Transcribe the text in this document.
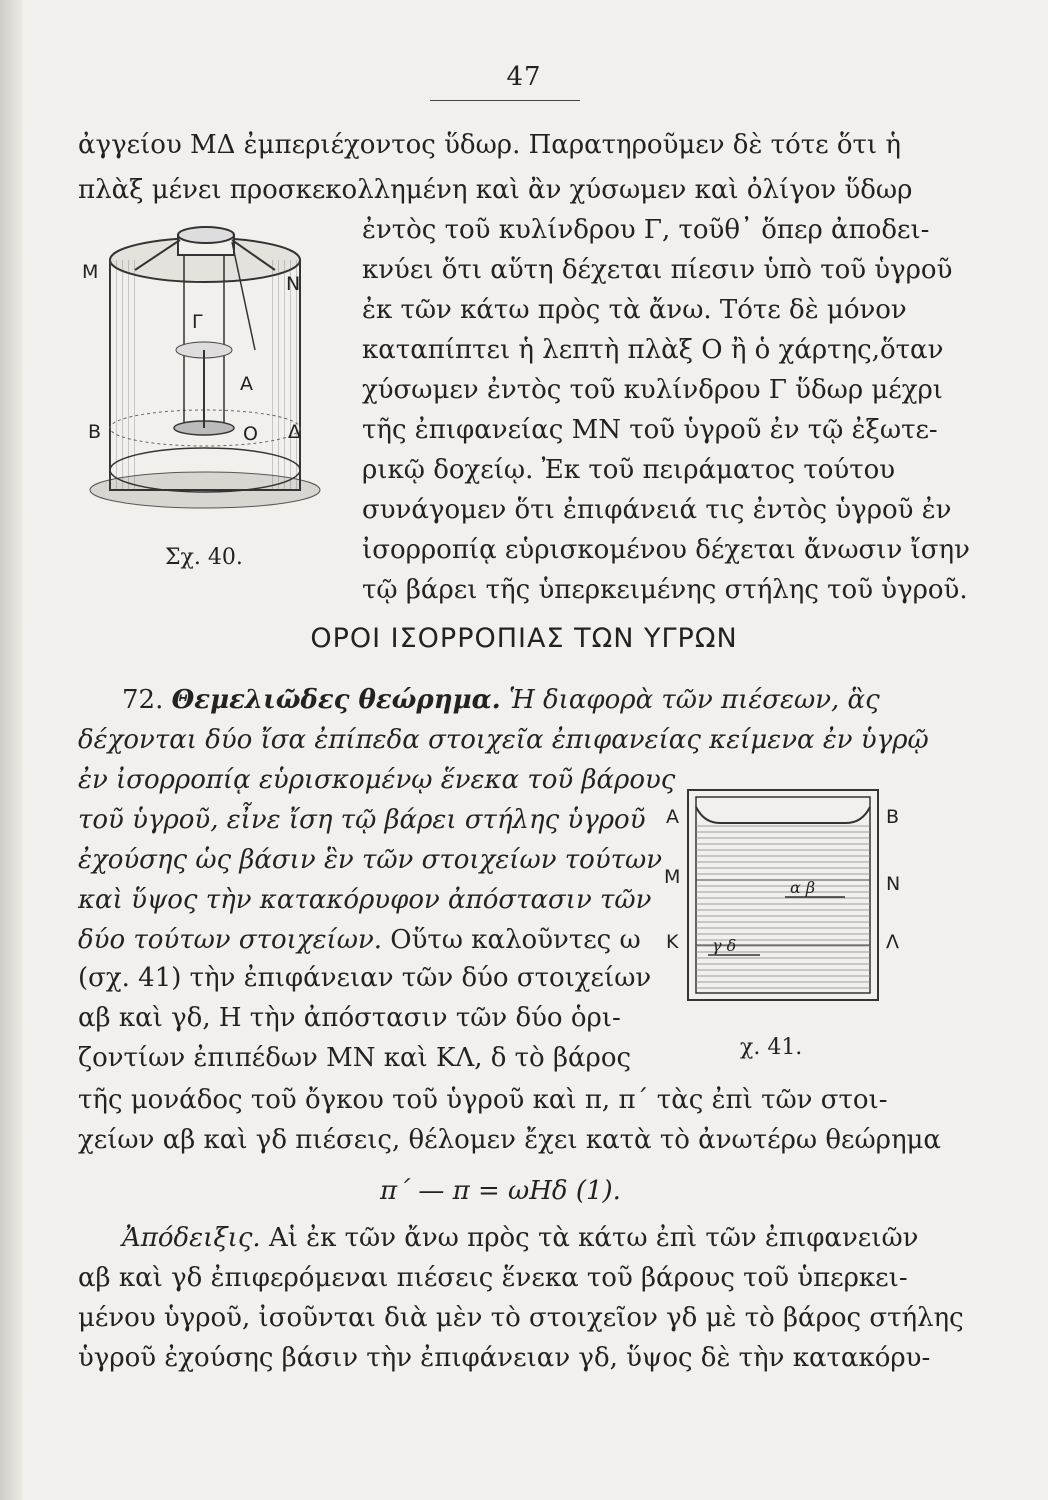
47
ἀγγείου ΜΔ ἐμπεριέχοντος ὕδωρ. Παρατηροῦμεν δὲ τότε ὅτι ἡ
πλὰξ μένει προσκεκολλημένη καὶ ἂν χύσωμεν καὶ ὀλίγον ὕδωρ
ἐντὸς τοῦ κυλίνδρου Γ, τοῦθ᾽ ὅπερ ἀποδει-
κνύει ὅτι αὕτη δέχεται πίεσιν ὑπὸ τοῦ ὑγροῦ
ἐκ τῶν κάτω πρὸς τὰ ἄνω. Τότε δὲ μόνον
καταπίπτει ἡ λεπτὴ πλὰξ Ο ἢ ὁ χάρτης,ὅταν
χύσωμεν ἐντὸς τοῦ κυλίνδρου Γ ὕδωρ μέχρι
τῆς ἐπιφανείας ΜΝ τοῦ ὑγροῦ ἐν τῷ ἐξωτε-
ρικῷ δοχείῳ. Ἐκ τοῦ πειράματος τούτου
συνάγομεν ὅτι ἐπιφάνειά τις ἐντὸς ὑγροῦ ἐν
ἰσορροπίᾳ εὑρισκομένου δέχεται ἄνωσιν ἴσην
τῷ βάρει τῆς ὑπερκειμένης στήλης τοῦ ὑγροῦ.
M
N
Γ
A
B	O Δ
Σχ. 40.
ΟΡΟΙ ΙΣΟΡΡΟΠΙΑΣ ΤΩΝ ΥΓΡΩΝ
72. Θεμελιῶδες θεώρημα. Ἡ διαφορὰ τῶν πιέσεων, ἃς
δέχονται δύο ἴσα ἐπίπεδα στοιχεῖα ἐπιφανείας κείμενα ἐν ὑγρῷ
ἐν ἰσορροπίᾳ εὑρισκομένῳ ἕνεκα τοῦ βάρους
τοῦ ὑγροῦ, εἶνε ἴση τῷ βάρει στήλης ὑγροῦ
ἐχούσης ὡς βάσιν ἓν τῶν στοιχείων τούτων
καὶ ὕψος τὴν κατακόρυφον ἀπόστασιν τῶν
δύο τούτων στοιχείων. Οὕτω καλοῦντες ω
(σχ. 41) τὴν ἐπιφάνειαν τῶν δύο στοιχείων
αβ καὶ γδ, H τὴν ἀπόστασιν τῶν δύο ὁρι-
ζοντίων ἐπιπέδων ΜΝ καὶ ΚΛ, δ τὸ βάρος
τῆς μονάδος τοῦ ὄγκου τοῦ ὑγροῦ καὶ π, π΄ τὰς ἐπὶ τῶν στοι-
χείων αβ καὶ γδ πιέσεις, θέλομεν ἔχει κατὰ τὸ ἀνωτέρω θεώρημα
A	B
M	N
K	Λ
α β
γ δ
χ. 41.
π΄ — π = ωHδ (1).
Ἀπόδειξις. Αἱ ἐκ τῶν ἄνω πρὸς τὰ κάτω ἐπὶ τῶν ἐπιφανειῶν
αβ καὶ γδ ἐπιφερόμεναι πιέσεις ἕνεκα τοῦ βάρους τοῦ ὑπερκει-
μένου ὑγροῦ, ἰσοῦνται διὰ μὲν τὸ στοιχεῖον γδ μὲ τὸ βάρος στήλης
ὑγροῦ ἐχούσης βάσιν τὴν ἐπιφάνειαν γδ, ὕψος δὲ τὴν κατακόρυ-
